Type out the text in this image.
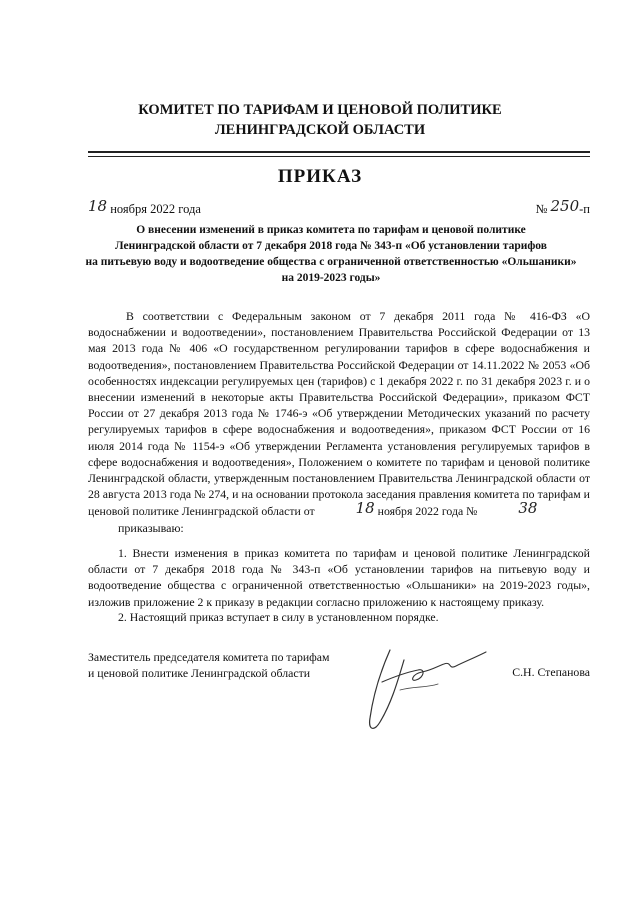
КОМИТЕТ ПО ТАРИФАМ И ЦЕНОВОЙ ПОЛИТИКЕ
ЛЕНИНГРАДСКОЙ ОБЛАСТИ
ПРИКАЗ
18 ноября 2022 года	№ 250-п
О внесении изменений в приказ комитета по тарифам и ценовой политике
Ленинградской области от 7 декабря 2018 года № 343-п «Об установлении тарифов
на питьевую воду и водоотведение общества с ограниченной ответственностью «Ольшаники»
на 2019-2023 годы»
В соответствии с Федеральным законом от 7 декабря 2011 года № 416-ФЗ «О водоснабжении и водоотведении», постановлением Правительства Российской Федерации от 13 мая 2013 года № 406 «О государственном регулировании тарифов в сфере водоснабжения и водоотведения», постановлением Правительства Российской Федерации от 14.11.2022 № 2053 «Об особенностях индексации регулируемых цен (тарифов) с 1 декабря 2022 г. по 31 декабря 2023 г. и о внесении изменений в некоторые акты Правительства Российской Федерации», приказом ФСТ России от 27 декабря 2013 года № 1746-э «Об утверждении Методических указаний по расчету регулируемых тарифов в сфере водоснабжения и водоотведения», приказом ФСТ России от 16 июля 2014 года № 1154-э «Об утверждении Регламента установления регулируемых тарифов в сфере водоснабжения и водоотведения», Положением о комитете по тарифам и ценовой политике Ленинградской области, утвержденным постановлением Правительства Ленинградской области от 28 августа 2013 года № 274, и на основании протокола заседания правления комитета по тарифам и ценовой политике Ленинградской области от	18 ноября 2022 года №	38
приказываю:
1. Внести изменения в приказ комитета по тарифам и ценовой политике Ленинградской области от 7 декабря 2018 года № 343-п «Об установлении тарифов на питьевую воду и водоотведение общества с ограниченной ответственностью «Ольшаники» на 2019-2023 годы», изложив приложение 2 к приказу в редакции согласно приложению к настоящему приказу.
2. Настоящий приказ вступает в силу в установленном порядке.
Заместитель председателя комитета по тарифам
и ценовой политике Ленинградской области	С.Н. Степанова
